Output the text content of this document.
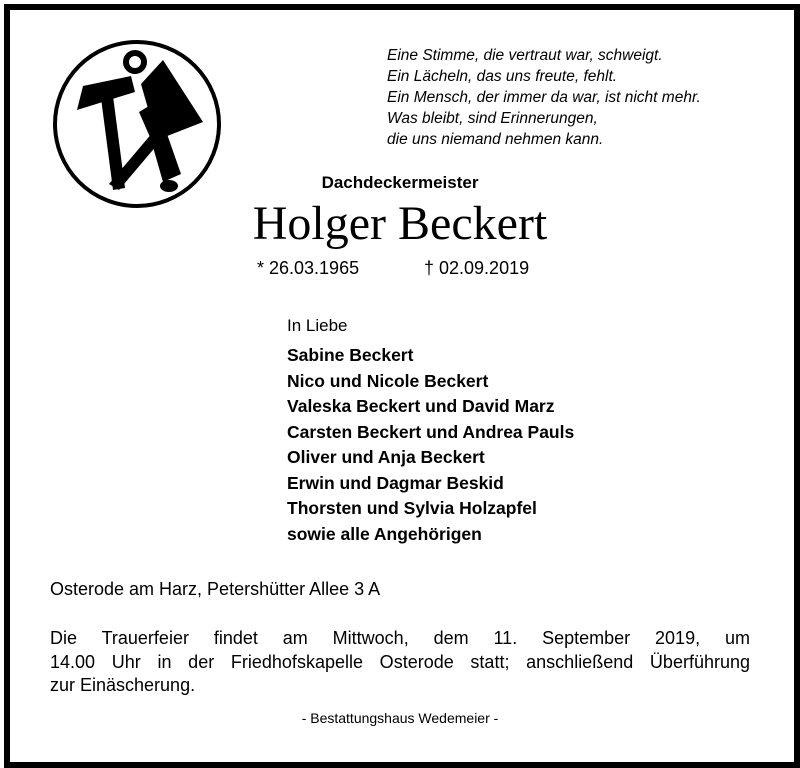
Eine Stimme, die vertraut war, schweigt.
Ein Lächeln, das uns freute, fehlt.
Ein Mensch, der immer da war, ist nicht mehr.
Was bleibt, sind Erinnerungen,
die uns niemand nehmen kann.
Dachdeckermeister
Holger Beckert
* 26.03.1965	† 02.09.2019
In Liebe
Sabine Beckert
Nico und Nicole Beckert
Valeska Beckert und David Marz
Carsten Beckert und Andrea Pauls
Oliver und Anja Beckert
Erwin und Dagmar Beskid
Thorsten und Sylvia Holzapfel
sowie alle Angehörigen
Osterode am Harz, Petershütter Allee 3 A
Die Trauerfeier findet am Mittwoch, dem 11. September 2019, um
14.00 Uhr in der Friedhofskapelle Osterode statt; anschließend Überführung
zur Einäscherung.
- Bestattungshaus Wedemeier -
